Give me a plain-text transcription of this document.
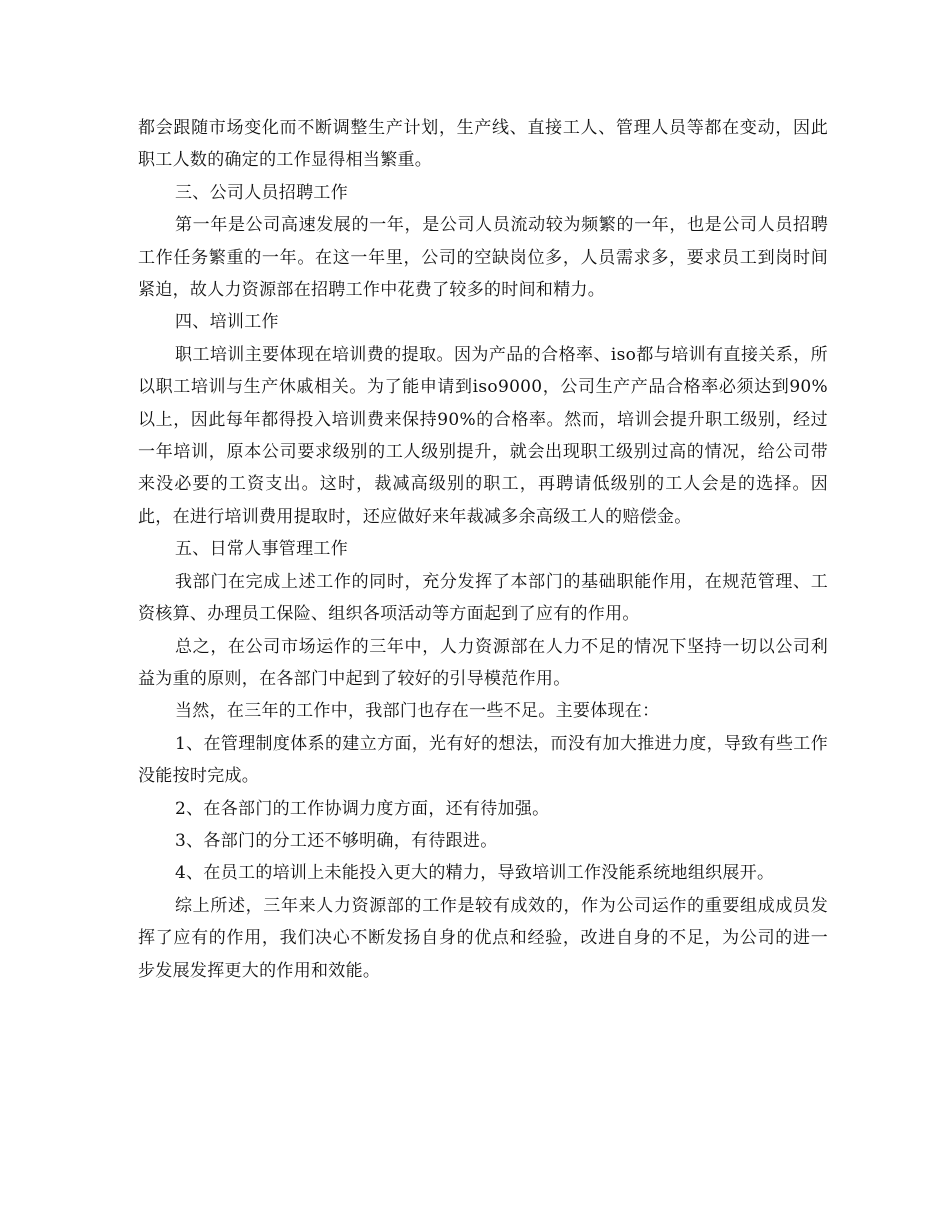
都会跟随市场变化而不断调整生产计划，生产线、直接工人、管理人员等都在变动，因此职工人数的确定的工作显得相当繁重。

三、公司人员招聘工作

第一年是公司高速发展的一年，是公司人员流动较为频繁的一年，也是公司人员招聘工作任务繁重的一年。在这一年里，公司的空缺岗位多，人员需求多，要求员工到岗时间紧迫，故人力资源部在招聘工作中花费了较多的时间和精力。

四、培训工作

职工培训主要体现在培训费的提取。因为产品的合格率、iso都与培训有直接关系，所以职工培训与生产休戚相关。为了能申请到iso9000，公司生产产品合格率必须达到90%以上，因此每年都得投入培训费来保持90%的合格率。然而，培训会提升职工级别，经过一年培训，原本公司要求级别的工人级别提升，就会出现职工级别过高的情况，给公司带来没必要的工资支出。这时，裁减高级别的职工，再聘请低级别的工人会是的选择。因此，在进行培训费用提取时，还应做好来年裁减多余高级工人的赔偿金。

五、日常人事管理工作

我部门在完成上述工作的同时，充分发挥了本部门的基础职能作用，在规范管理、工资核算、办理员工保险、组织各项活动等方面起到了应有的作用。

总之，在公司市场运作的三年中，人力资源部在人力不足的情况下坚持一切以公司利益为重的原则，在各部门中起到了较好的引导模范作用。

当然，在三年的工作中，我部门也存在一些不足。主要体现在：

1、在管理制度体系的建立方面，光有好的想法，而没有加大推进力度，导致有些工作没能按时完成。

2、在各部门的工作协调力度方面，还有待加强。

3、各部门的分工还不够明确，有待跟进。

4、在员工的培训上未能投入更大的精力，导致培训工作没能系统地组织展开。

综上所述，三年来人力资源部的工作是较有成效的，作为公司运作的重要组成成员发挥了应有的作用，我们决心不断发扬自身的优点和经验，改进自身的不足，为公司的进一步发展发挥更大的作用和效能。
